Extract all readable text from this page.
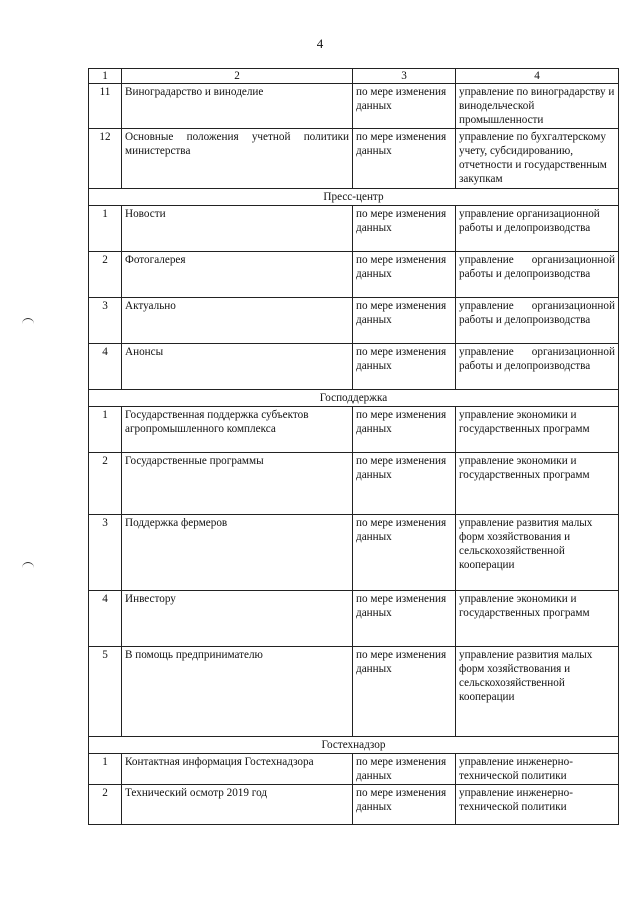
4
1	2	3	4
11	Виноградарство и виноделие	по мере изменения данных	управление по виноградарству и винодельческой промышленности
12	Основные положения учетной политики министерства	по мере изменения данных	управление по бухгалтерскому учету, субсидированию, отчетности и государственным закупкам
Пресс-центр			
1	Новости	по мере изменения данных	управление организационной работы и делопроизводства
2	Фотогалерея	по мере изменения данных	управление организационной работы и делопроизводства
3	Актуально	по мере изменения данных	управление организационной работы и делопроизводства
4	Анонсы	по мере изменения данных	управление организационной работы и делопроизводства
Господдержка			
1	Государственная поддержка субъектов агропромышленного комплекса	по мере изменения данных	управление экономики и государственных программ
2	Государственные программы	по мере изменения данных	управление экономики и государственных программ
3	Поддержка фермеров	по мере изменения данных	управление развития малых форм хозяйствования и сельскохозяйственной кооперации
4	Инвестору	по мере изменения данных	управление экономики и государственных программ
5	В помощь предпринимателю	по мере изменения данных	управление развития малых форм хозяйствования и сельскохозяйственной кооперации
Гостехнадзор			
1	Контактная информация Гостехнадзора	по мере изменения данных	управление инженерно-технической политики
2	Технический осмотр 2019 год	по мере изменения данных	управление инженерно-технической политики
